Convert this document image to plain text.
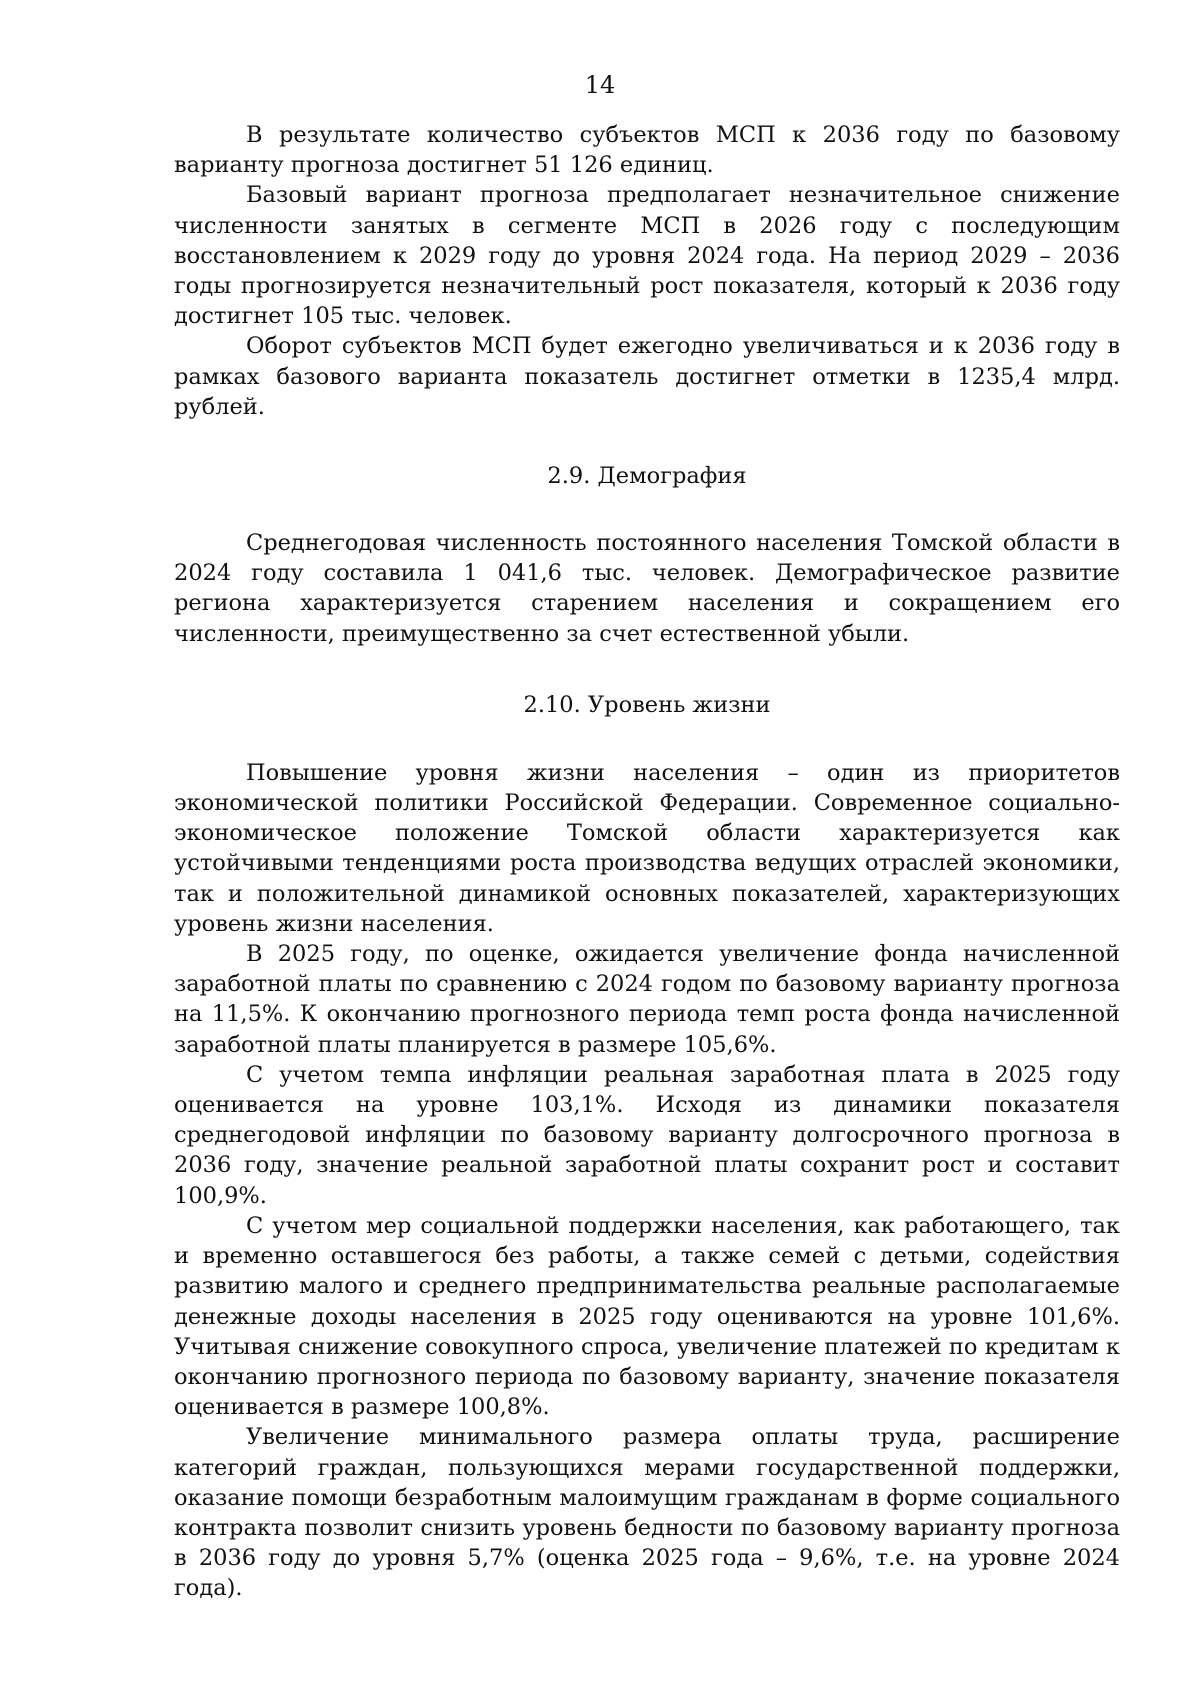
14

В результате количество субъектов МСП к 2036 году по базовому варианту прогноза достигнет 51 126 единиц.

Базовый вариант прогноза предполагает незначительное снижение численности занятых в сегменте МСП в 2026 году с последующим восстановлением к 2029 году до уровня 2024 года. На период 2029 – 2036 годы прогнозируется незначительный рост показателя, который к 2036 году достигнет 105 тыс. человек.

Оборот субъектов МСП будет ежегодно увеличиваться и к 2036 году в рамках базового варианта показатель достигнет отметки в 1235,4 млрд. рублей.

2.9. Демография

Среднегодовая численность постоянного населения Томской области в 2024 году составила 1 041,6 тыс. человек. Демографическое развитие региона характеризуется старением населения и сокращением его численности, преимущественно за счет естественной убыли.

2.10. Уровень жизни

Повышение уровня жизни населения – один из приоритетов экономической политики Российской Федерации. Современное социально-экономическое положение Томской области характеризуется как устойчивыми тенденциями роста производства ведущих отраслей экономики, так и положительной динамикой основных показателей, характеризующих уровень жизни населения.

В 2025 году, по оценке, ожидается увеличение фонда начисленной заработной платы по сравнению с 2024 годом по базовому варианту прогноза на 11,5%. К окончанию прогнозного периода темп роста фонда начисленной заработной платы планируется в размере 105,6%.

С учетом темпа инфляции реальная заработная плата в 2025 году оценивается на уровне 103,1%. Исходя из динамики показателя среднегодовой инфляции по базовому варианту долгосрочного прогноза в 2036 году, значение реальной заработной платы сохранит рост и составит 100,9%.

С учетом мер социальной поддержки населения, как работающего, так и временно оставшегося без работы, а также семей с детьми, содействия развитию малого и среднего предпринимательства реальные располагаемые денежные доходы населения в 2025 году оцениваются на уровне 101,6%. Учитывая снижение совокупного спроса, увеличение платежей по кредитам к окончанию прогнозного периода по базовому варианту, значение показателя оценивается в размере 100,8%.

Увеличение минимального размера оплаты труда, расширение категорий граждан, пользующихся мерами государственной поддержки, оказание помощи безработным малоимущим гражданам в форме социального контракта позволит снизить уровень бедности по базовому варианту прогноза в 2036 году до уровня 5,7% (оценка 2025 года – 9,6%, т.е. на уровне 2024 года).
